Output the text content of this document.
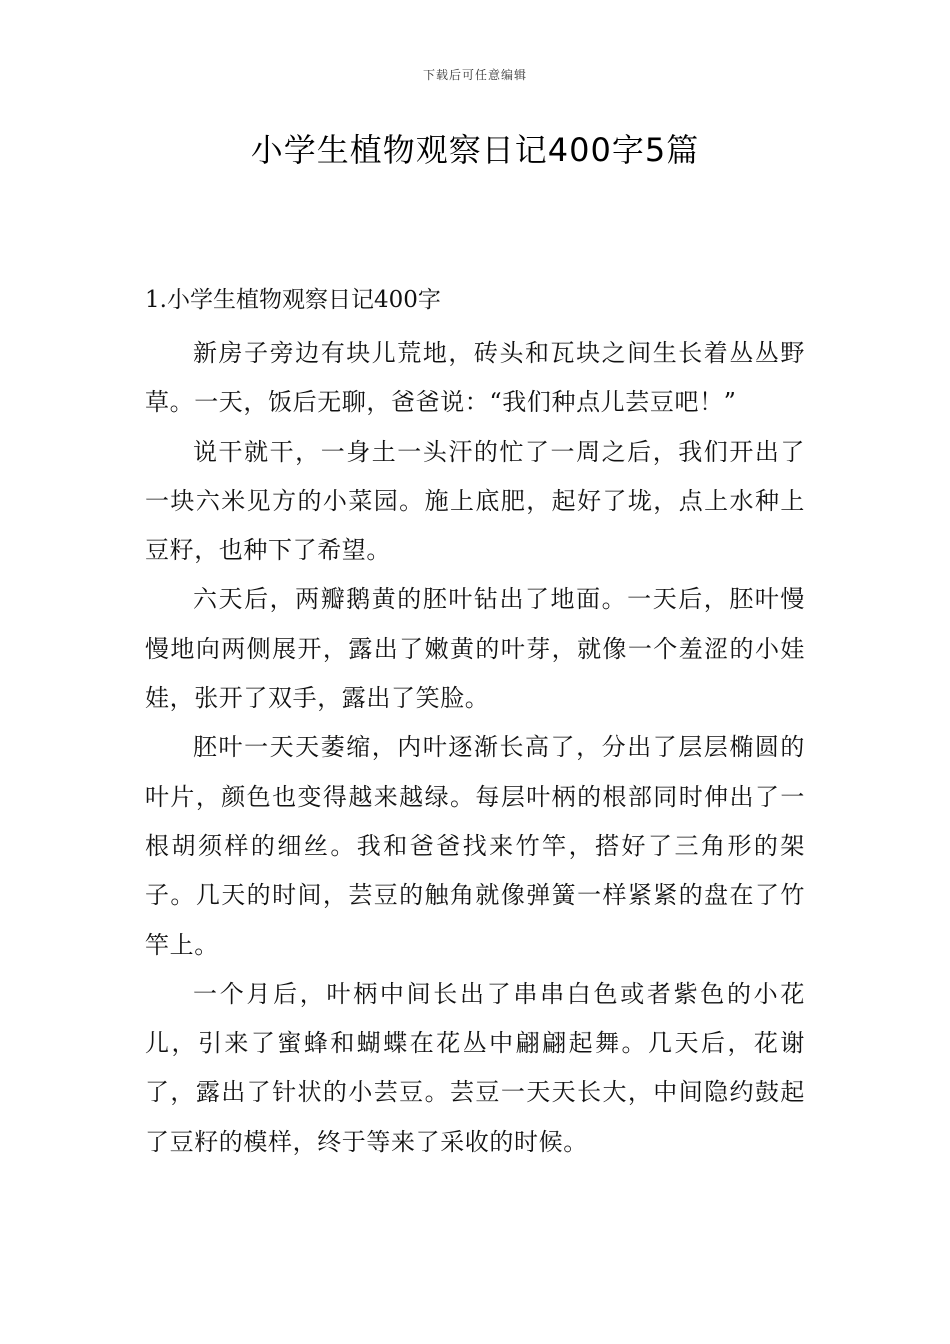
下载后可任意编辑
小学生植物观察日记400字5篇
1.小学生植物观察日记400字

新房子旁边有块儿荒地，砖头和瓦块之间生长着丛丛野草。一天，饭后无聊，爸爸说：“我们种点儿芸豆吧！”

说干就干，一身土一头汗的忙了一周之后，我们开出了一块六米见方的小菜园。施上底肥，起好了垅，点上水种上豆籽，也种下了希望。

六天后，两瓣鹅黄的胚叶钻出了地面。一天后，胚叶慢慢地向两侧展开，露出了嫩黄的叶芽，就像一个羞涩的小娃娃，张开了双手，露出了笑脸。

胚叶一天天萎缩，内叶逐渐长高了，分出了层层椭圆的叶片，颜色也变得越来越绿。每层叶柄的根部同时伸出了一根胡须样的细丝。我和爸爸找来竹竿，搭好了三角形的架子。几天的时间，芸豆的触角就像弹簧一样紧紧的盘在了竹竿上。

一个月后，叶柄中间长出了串串白色或者紫色的小花儿，引来了蜜蜂和蝴蝶在花丛中翩翩起舞。几天后，花谢了，露出了针状的小芸豆。芸豆一天天长大，中间隐约鼓起了豆籽的模样，终于等来了采收的时候。
